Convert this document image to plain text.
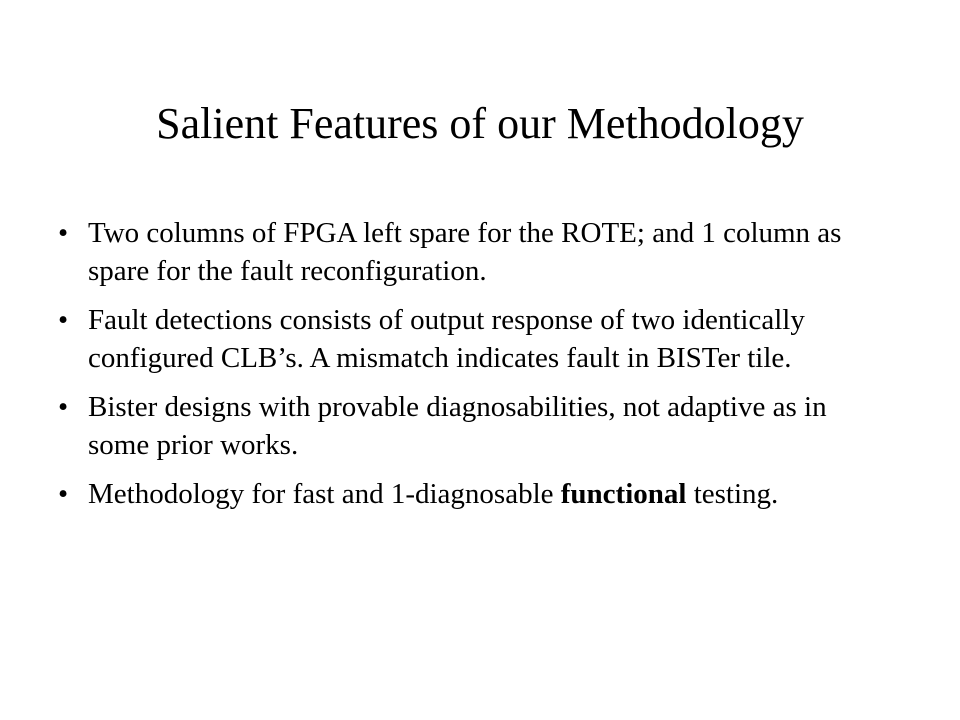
Salient Features of our Methodology
• Two columns of FPGA left spare for the ROTE; and 1 column as spare for the fault reconfiguration.
• Fault detections consists of output response of two identically configured CLB’s. A mismatch indicates fault in BISTer tile.
• Bister designs with provable diagnosabilities, not adaptive as in some prior works.
• Methodology for fast and 1-diagnosable functional testing.
